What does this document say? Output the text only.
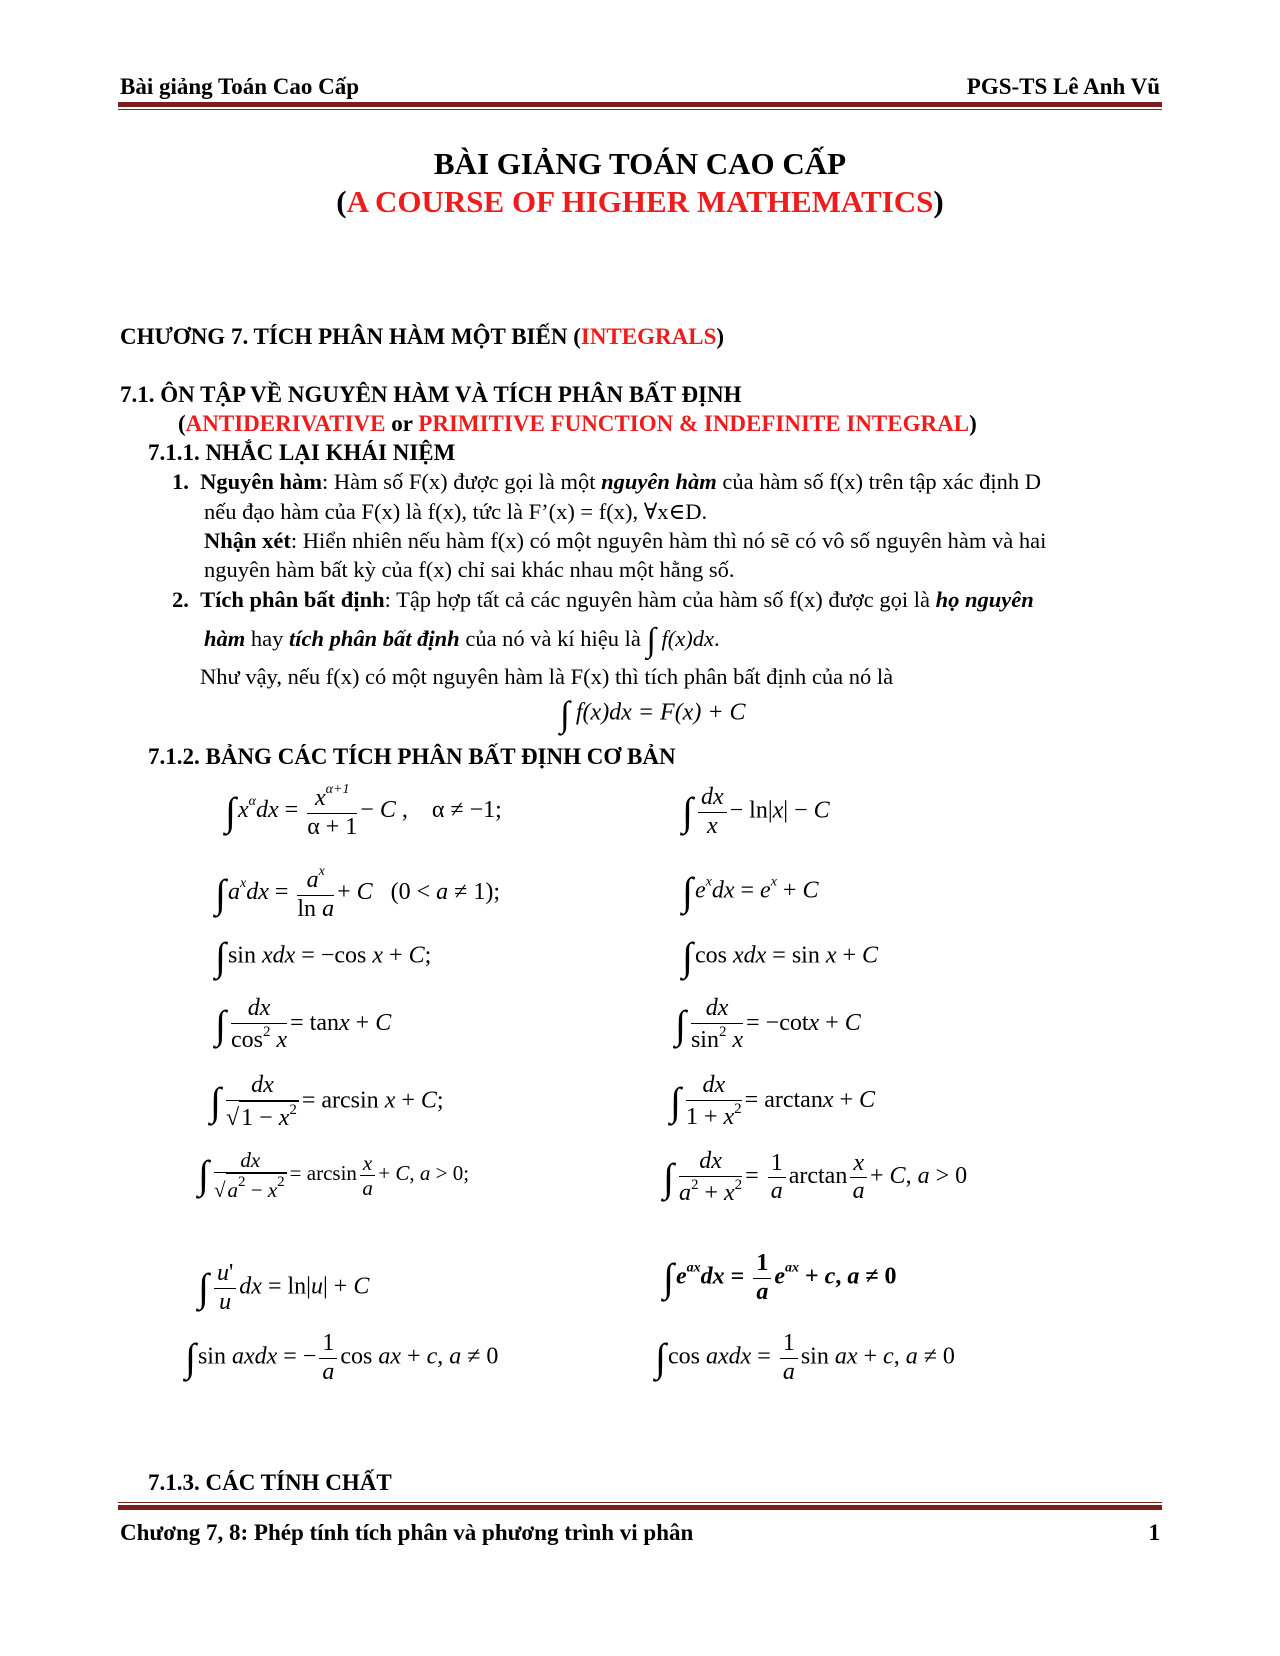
Bài giảng Toán Cao Cấp	PGS-TS Lê Anh Vũ
BÀI GIẢNG TOÁN CAO CẤP
(A COURSE OF HIGHER MATHEMATICS)
CHƯƠNG 7. TÍCH PHÂN HÀM MỘT BIẾN (INTEGRALS)
7.1. ÔN TẬP VỀ NGUYÊN HÀM VÀ TÍCH PHÂN BẤT ĐỊNH
(ANTIDERIVATIVE or PRIMITIVE FUNCTION & INDEFINITE INTEGRAL)
7.1.1. NHẮC LẠI KHÁI NIỆM
1. Nguyên hàm: Hàm số F(x) được gọi là một nguyên hàm của hàm số f(x) trên tập xác định D
nếu đạo hàm của F(x) là f(x), tức là F’(x) = f(x), ∀x∈D.
Nhận xét: Hiển nhiên nếu hàm f(x) có một nguyên hàm thì nó sẽ có vô số nguyên hàm và hai
nguyên hàm bất kỳ của f(x) chỉ sai khác nhau một hằng số.
2. Tích phân bất định: Tập hợp tất cả các nguyên hàm của hàm số f(x) được gọi là họ nguyên
hàm hay tích phân bất định của nó và kí hiệu là ∫ f(x)dx.
Như vậy, nếu f(x) có một nguyên hàm là F(x) thì tích phân bất định của nó là
∫ f(x)dx = F(x) + C
7.1.2. BẢNG CÁC TÍCH PHÂN BẤT ĐỊNH CƠ BẢN
$\int x^\alpha dx = \frac{x^{\alpha+1}}{\alpha + 1} - C$ ,    α ≠ −1;	∫ $\frac{dx}{x} - \ln|x| - C$
$\int a^xdx = \frac{a^x}{\text{ln a}} + C$   (0 < a ≠ 1);	$\int e^xdx = e^x + C$
∫sin xdx = −cos x + C;	∫cos xdx = sin x + C
∫ $\frac{dx}{\cos^2 x} = \tan x + C$	∫ $\frac{dx}{\sin^2 x} = -\cot x + C$
∫ $\frac{dx}{√1 - x^2} = \arcsin x + C$;	∫ $\frac{dx}{1 + x^2} = \arctan x + C$
∫ $\frac{dx}{√a^2 - x^2} = \arcsin \frac{x}{a} + C$, a > 0;	∫ $\frac{dx}{a^2 + x^2} = \frac{1}{a}$ $\arctan \frac{x}{a} + C$, a > 0
∫ $\frac{u'}{u}$ dx = ln|u| + C	$\int e^{ax}dx = \frac{1}{a} e^{ax} + c$, a ≠ 0
∫sin axdx = − $\frac{1}{a}$ cos ax + c, a ≠ 0	∫cos axdx = $\frac{1}{a}$ sin ax + c, a ≠ 0
7.1.3. CÁC TÍNH CHẤT
Chương 7, 8: Phép tính tích phân và phương trình vi phân	1
